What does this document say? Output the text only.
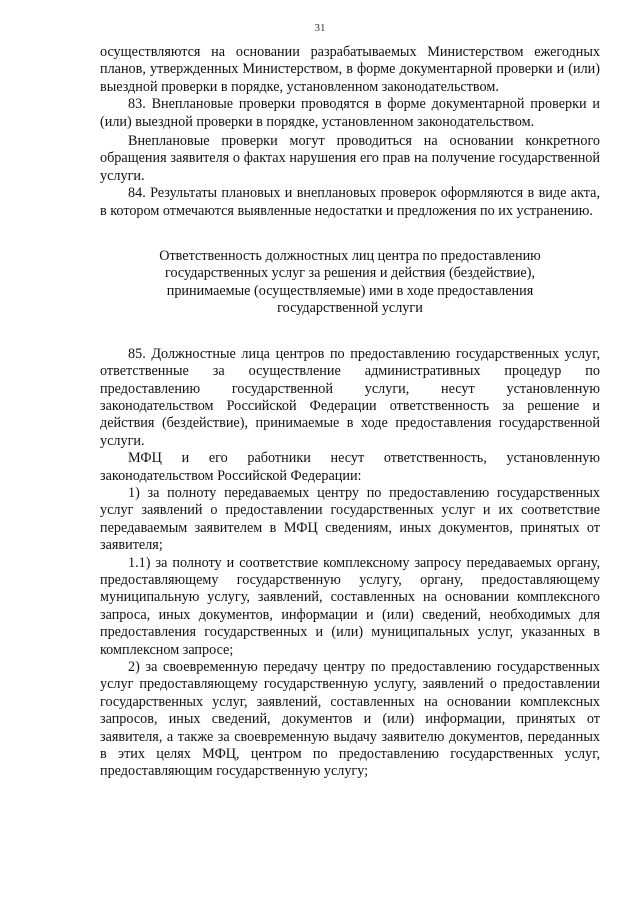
31

осуществляются на основании разрабатываемых Министерством ежегодных планов, утвержденных Министерством, в форме документарной проверки и (или) выездной проверки в порядке, установленном законодательством.

83. Внеплановые проверки проводятся в форме документарной проверки и (или) выездной проверки в порядке, установленном законодательством.

Внеплановые проверки могут проводиться на основании конкретного обращения заявителя о фактах нарушения его прав на получение государственной услуги.

84. Результаты плановых и внеплановых проверок оформляются в виде акта, в котором отмечаются выявленные недостатки и предложения по их устранению.

Ответственность должностных лиц центра по предоставлению
государственных услуг за решения и действия (бездействие),
принимаемые (осуществляемые) ими в ходе предоставления
государственной услуги

85. Должностные лица центров по предоставлению государственных услуг, ответственные за осуществление административных процедур по предоставлению государственной услуги, несут установленную законодательством Российской Федерации ответственность за решение и действия (бездействие), принимаемые в ходе предоставления государственной услуги.

МФЦ и его работники несут ответственность, установленную законодательством Российской Федерации:

1) за полноту передаваемых центру по предоставлению государственных услуг заявлений о предоставлении государственных услуг и их соответствие передаваемым заявителем в МФЦ сведениям, иных документов, принятых от заявителя;

1.1) за полноту и соответствие комплексному запросу передаваемых органу, предоставляющему государственную услугу, органу, предоставляющему муниципальную услугу, заявлений, составленных на основании комплексного запроса, иных документов, информации и (или) сведений, необходимых для предоставления государственных и (или) муниципальных услуг, указанных в комплексном запросе;

2) за своевременную передачу центру по предоставлению государственных услуг предоставляющему государственную услугу, заявлений о предоставлении государственных услуг, заявлений, составленных на основании комплексных запросов, иных сведений, документов и (или) информации, принятых от заявителя, а также за своевременную выдачу заявителю документов, переданных в этих целях МФЦ, центром по предоставлению государственных услуг, предоставляющим государственную услугу;
